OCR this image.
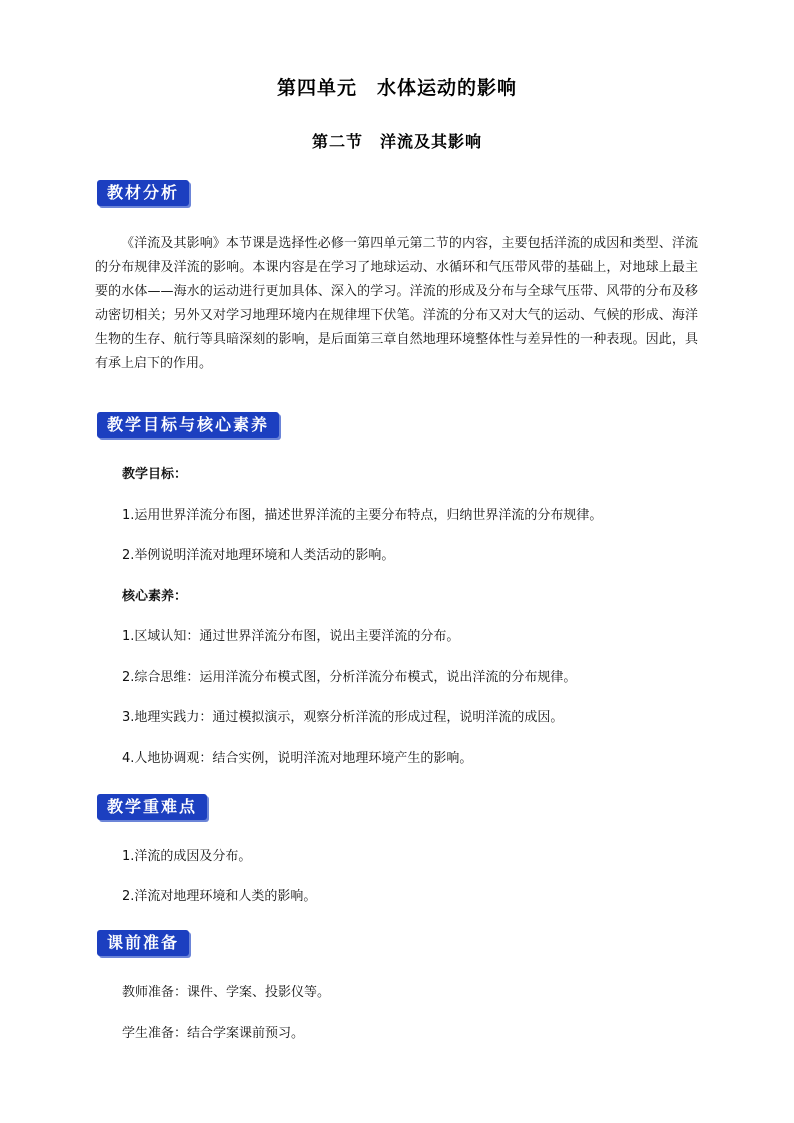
第四单元　水体运动的影响
第二节　洋流及其影响
教材分析

《洋流及其影响》本节课是选择性必修一第四单元第二节的内容，主要包括洋流的成因和类型、洋流的分布规律及洋流的影响。本课内容是在学习了地球运动、水循环和气压带风带的基础上，对地球上最主要的水体——海水的运动进行更加具体、深入的学习。洋流的形成及分布与全球气压带、风带的分布及移动密切相关；另外又对学习地理环境内在规律埋下伏笔。洋流的分布又对大气的运动、气候的形成、海洋生物的生存、航行等具暗深刻的影响，是后面第三章自然地理环境整体性与差异性的一种表现。因此，具有承上启下的作用。

教学目标与核心素养
教学目标：
1.运用世界洋流分布图，描述世界洋流的主要分布特点，归纳世界洋流的分布规律。
2.举例说明洋流对地理环境和人类活动的影响。
核心素养：
1.区域认知：通过世界洋流分布图，说出主要洋流的分布。
2.综合思维：运用洋流分布模式图，分析洋流分布模式，说出洋流的分布规律。
3.地理实践力：通过模拟演示，观察分析洋流的形成过程，说明洋流的成因。
4.人地协调观：结合实例，说明洋流对地理环境产生的影响。
教学重难点
1.洋流的成因及分布。
2.洋流对地理环境和人类的影响。
课前准备
教师准备：课件、学案、投影仪等。
学生准备：结合学案课前预习。
